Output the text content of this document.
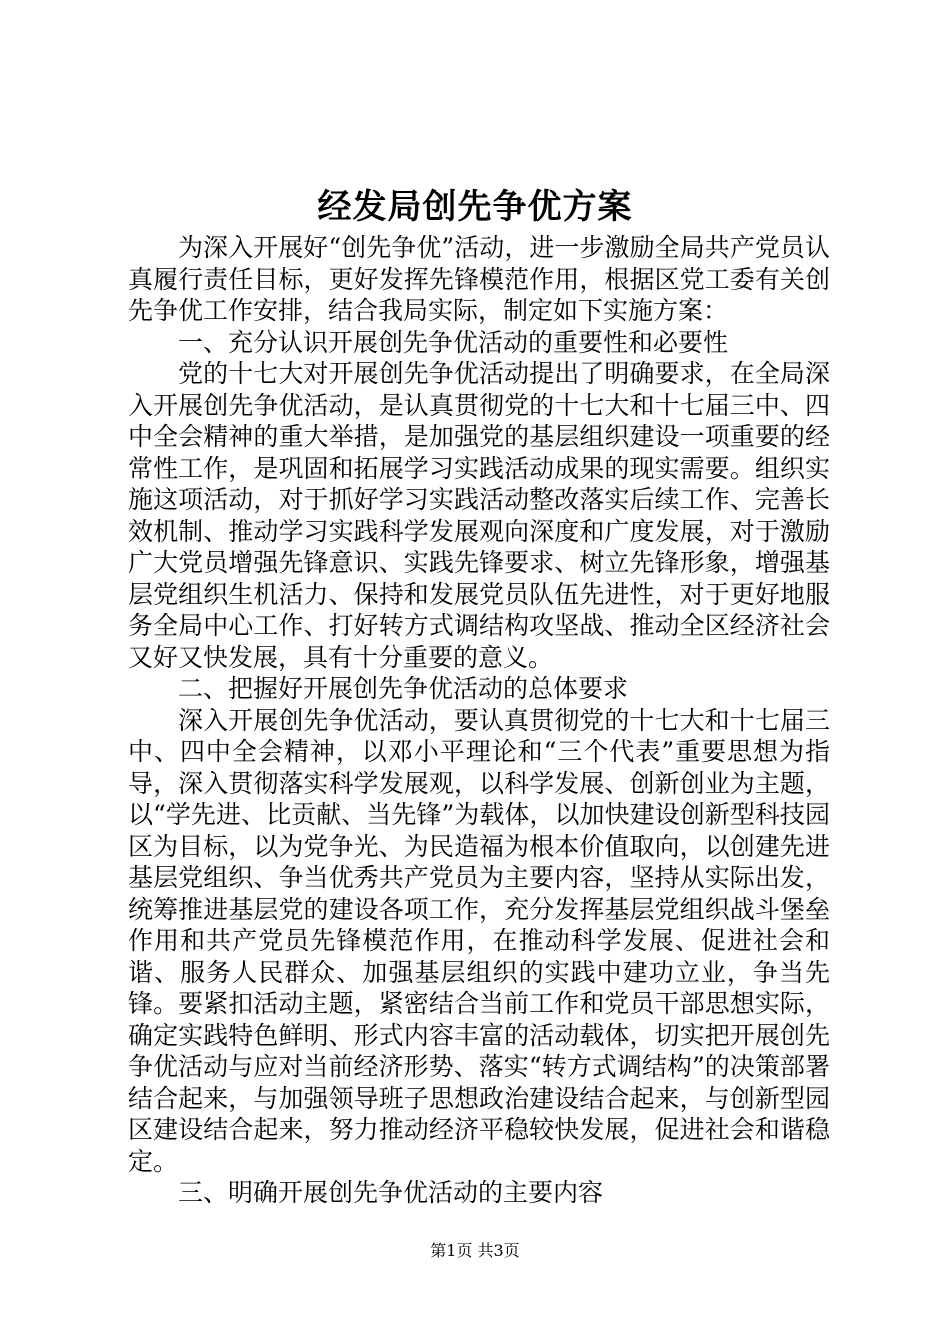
经发局创先争优方案

为深入开展好“创先争优”活动，进一步激励全局共产党员认真履行责任目标，更好发挥先锋模范作用，根据区党工委有关创先争优工作安排，结合我局实际，制定如下实施方案：

一、充分认识开展创先争优活动的重要性和必要性

党的十七大对开展创先争优活动提出了明确要求，在全局深入开展创先争优活动，是认真贯彻党的十七大和十七届三中、四中全会精神的重大举措，是加强党的基层组织建设一项重要的经常性工作，是巩固和拓展学习实践活动成果的现实需要。组织实施这项活动，对于抓好学习实践活动整改落实后续工作、完善长效机制、推动学习实践科学发展观向深度和广度发展，对于激励广大党员增强先锋意识、实践先锋要求、树立先锋形象，增强基层党组织生机活力、保持和发展党员队伍先进性，对于更好地服务全局中心工作、打好转方式调结构攻坚战、推动全区经济社会又好又快发展，具有十分重要的意义。

二、把握好开展创先争优活动的总体要求

深入开展创先争优活动，要认真贯彻党的十七大和十七届三中、四中全会精神，以邓小平理论和“三个代表”重要思想为指导，深入贯彻落实科学发展观，以科学发展、创新创业为主题，以“学先进、比贡献、当先锋”为载体，以加快建设创新型科技园区为目标，以为党争光、为民造福为根本价值取向，以创建先进基层党组织、争当优秀共产党员为主要内容，坚持从实际出发，统筹推进基层党的建设各项工作，充分发挥基层党组织战斗堡垒作用和共产党员先锋模范作用，在推动科学发展、促进社会和谐、服务人民群众、加强基层组织的实践中建功立业，争当先锋。要紧扣活动主题，紧密结合当前工作和党员干部思想实际，确定实践特色鲜明、形式内容丰富的活动载体，切实把开展创先争优活动与应对当前经济形势、落实“转方式调结构”的决策部署结合起来，与加强领导班子思想政治建设结合起来，与创新型园区建设结合起来，努力推动经济平稳较快发展，促进社会和谐稳定。

三、明确开展创先争优活动的主要内容

第1页 共3页
